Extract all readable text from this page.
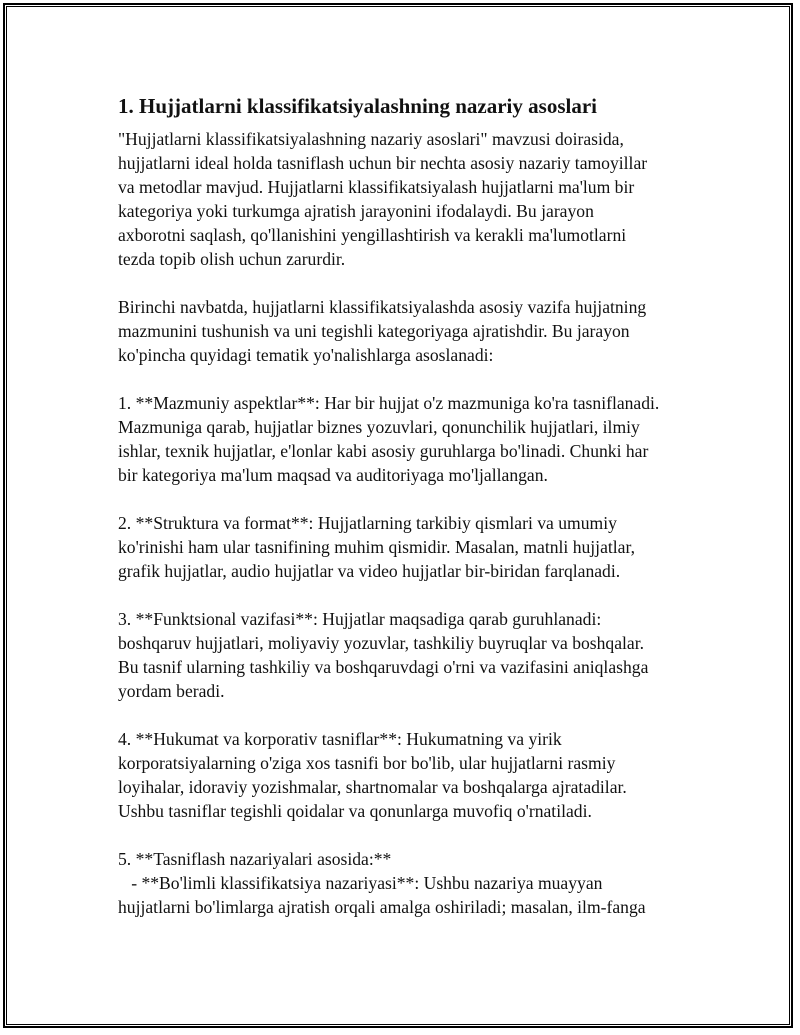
1. Hujjatlarni klassifikatsiyalashning nazariy asoslari
"Hujjatlarni klassifikatsiyalashning nazariy asoslari" mavzusi doirasida,
hujjatlarni ideal holda tasniflash uchun bir nechta asosiy nazariy tamoyillar
va metodlar mavjud. Hujjatlarni klassifikatsiyalash hujjatlarni ma'lum bir
kategoriya yoki turkumga ajratish jarayonini ifodalaydi. Bu jarayon
axborotni saqlash, qo'llanishini yengillashtirish va kerakli ma'lumotlarni
tezda topib olish uchun zarurdir.
Birinchi navbatda, hujjatlarni klassifikatsiyalashda asosiy vazifa hujjatning
mazmunini tushunish va uni tegishli kategoriyaga ajratishdir. Bu jarayon
ko'pincha quyidagi tematik yo'nalishlarga asoslanadi:
1. **Mazmuniy aspektlar**: Har bir hujjat o'z mazmuniga ko'ra tasniflanadi.
Mazmuniga qarab, hujjatlar biznes yozuvlari, qonunchilik hujjatlari, ilmiy
ishlar, texnik hujjatlar, e'lonlar kabi asosiy guruhlarga bo'linadi. Chunki har
bir kategoriya ma'lum maqsad va auditoriyaga mo'ljallangan.
2. **Struktura va format**: Hujjatlarning tarkibiy qismlari va umumiy
ko'rinishi ham ular tasnifining muhim qismidir. Masalan, matnli hujjatlar,
grafik hujjatlar, audio hujjatlar va video hujjatlar bir-biridan farqlanadi.
3. **Funktsional vazifasi**: Hujjatlar maqsadiga qarab guruhlanadi:
boshqaruv hujjatlari, moliyaviy yozuvlar, tashkiliy buyruqlar va boshqalar.
Bu tasnif ularning tashkiliy va boshqaruvdagi o'rni va vazifasini aniqlashga
yordam beradi.
4. **Hukumat va korporativ tasniflar**: Hukumatning va yirik
korporatsiyalarning o'ziga xos tasnifi bor bo'lib, ular hujjatlarni rasmiy
loyihalar, idoraviy yozishmalar, shartnomalar va boshqalarga ajratadilar.
Ushbu tasniflar tegishli qoidalar va qonunlarga muvofiq o'rnatiladi.
5. **Tasniflash nazariyalari asosida:**
- **Bo'limli klassifikatsiya nazariyasi**: Ushbu nazariya muayyan
hujjatlarni bo'limlarga ajratish orqali amalga oshiriladi; masalan, ilm-fanga
